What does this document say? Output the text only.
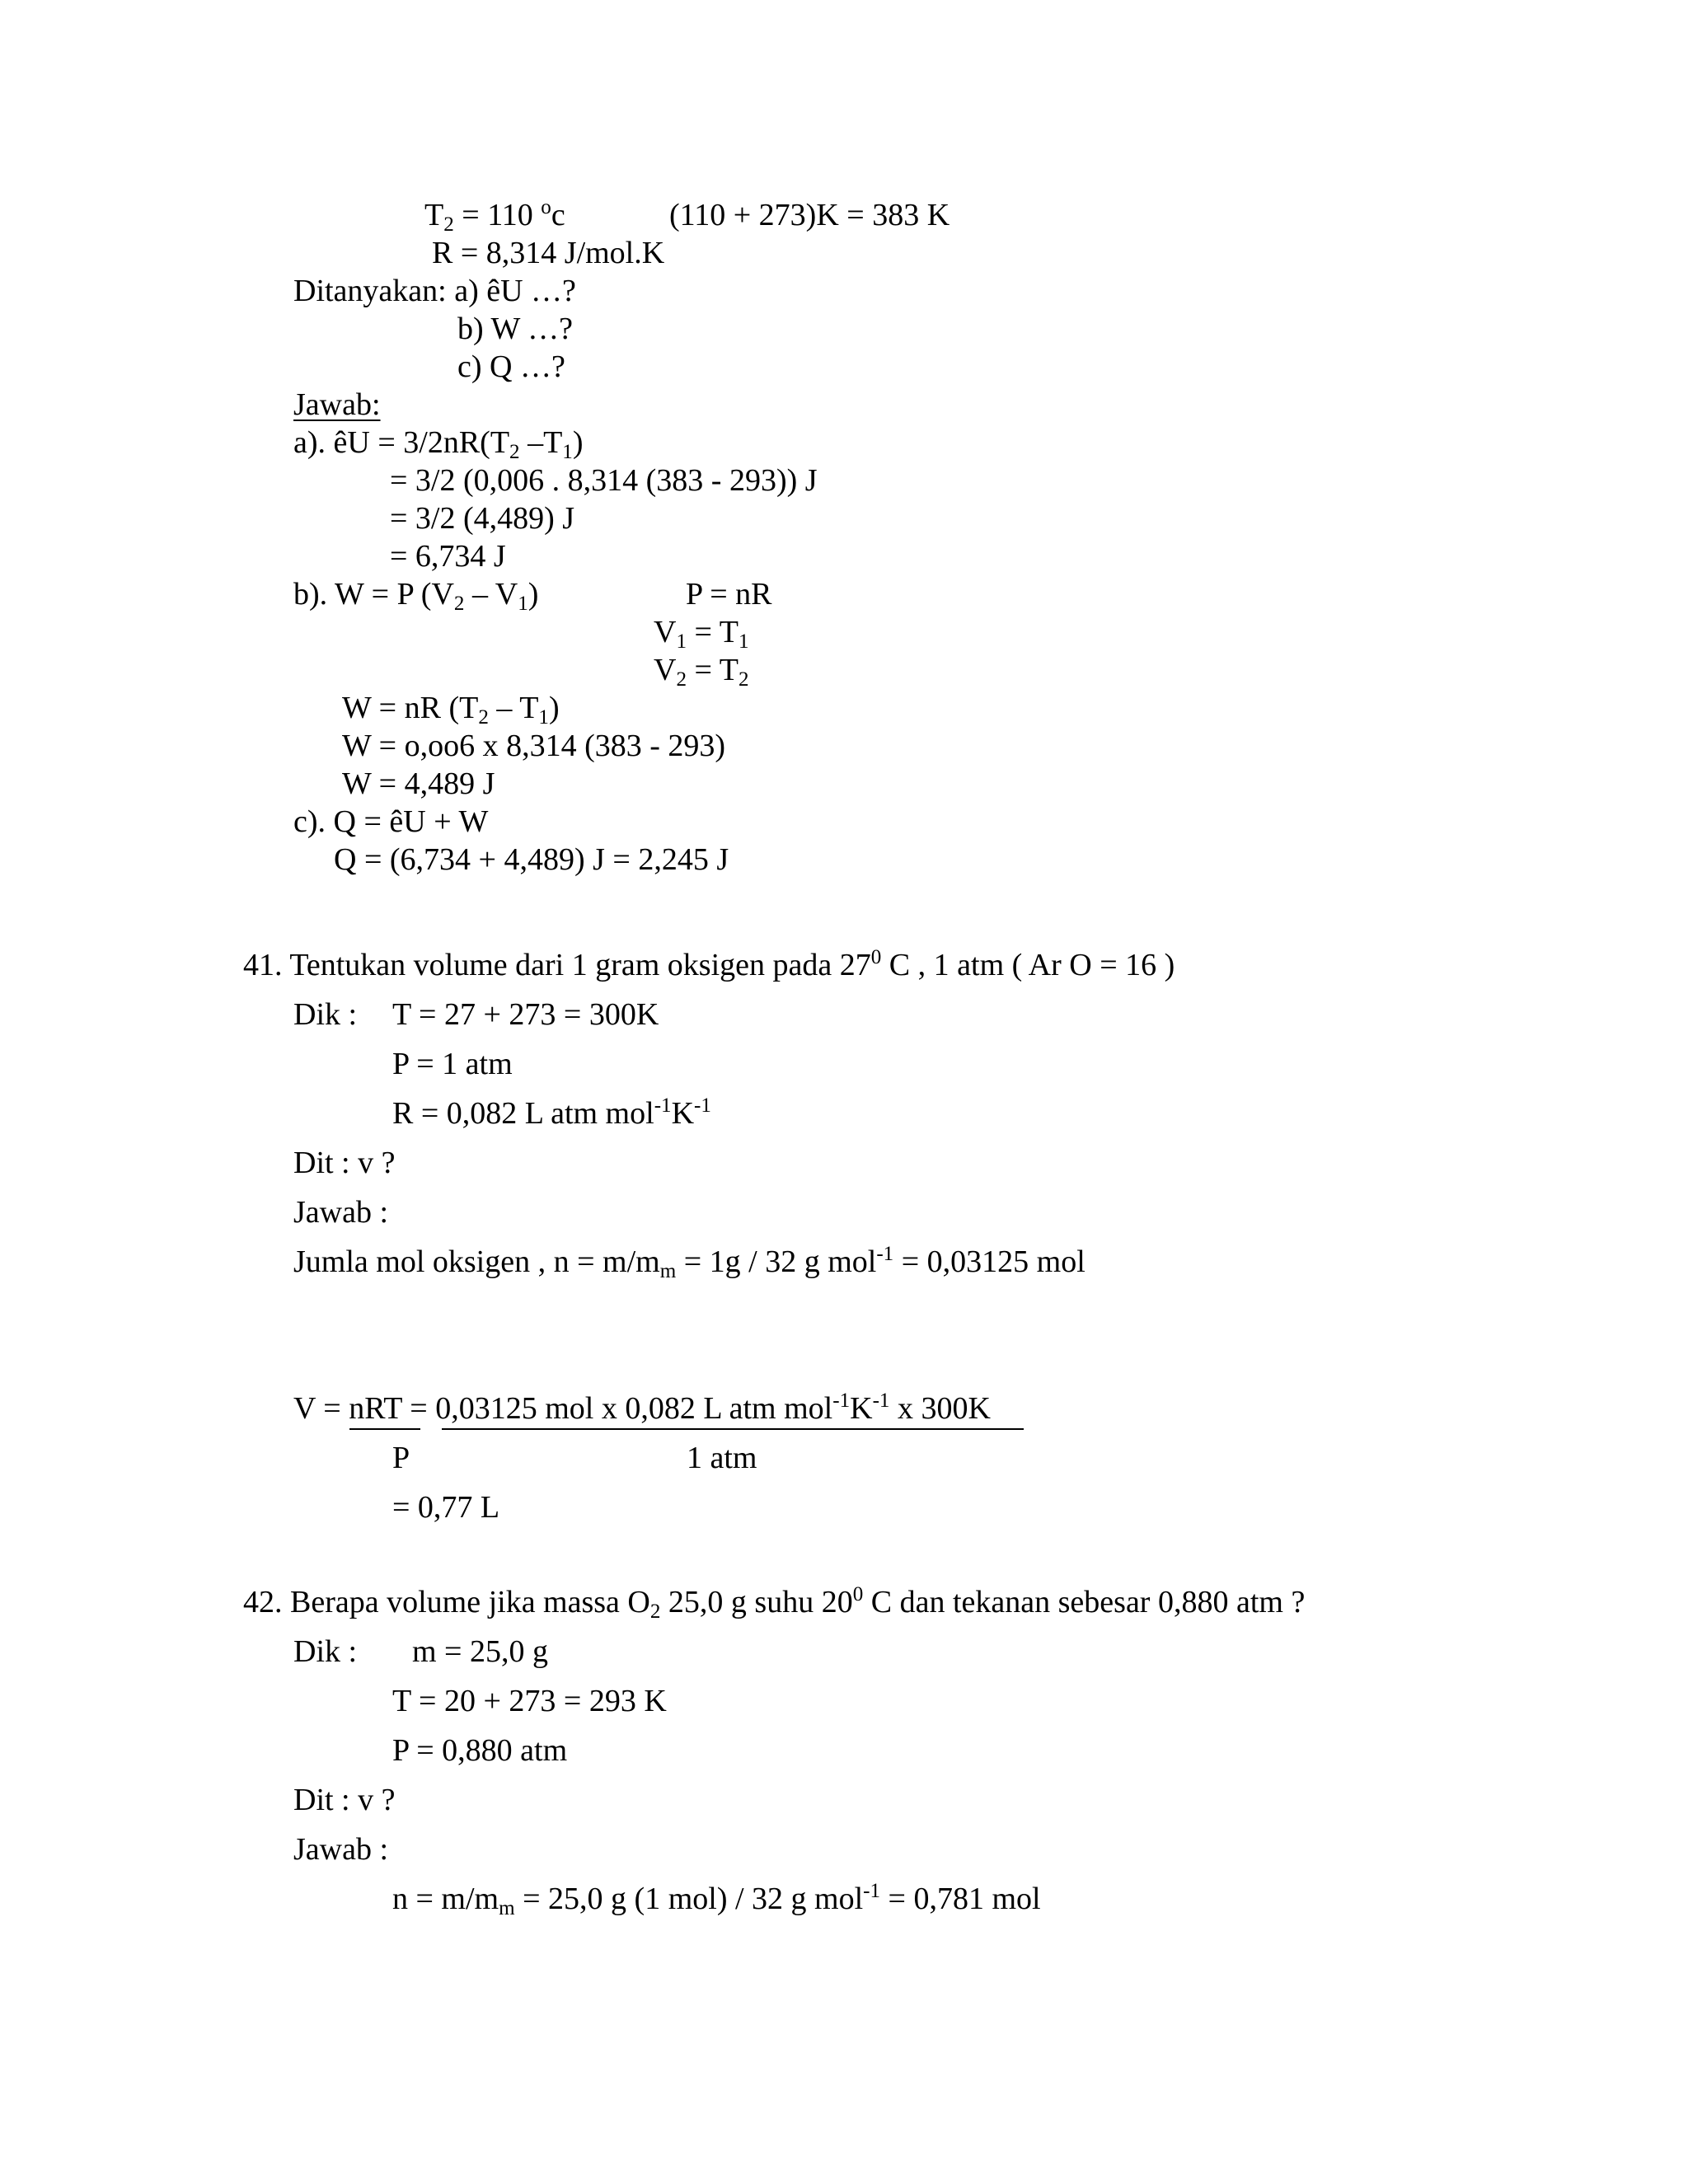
$T_2 = 110$ $^o$c	(110 + 273)K = 383 K
R = 8,314 J/mol.K
Ditanyakan: a) êU …?
b) W …?
c) Q …?
Jawab:
a). êU = $3/2nR(T_2$ $-T_1$)
= 3/2 (0,006 . 8,314 (383 - 293)) J
= 3/2 (4,489) J
= 6,734 J
b). W = P $(V_2 - V_1)$	P = nR
$V_1 = T_1$
$V_2 = T_2$
W = nR $(T_2 - T_1)$
W = o,oo6 x 8,314 (383 - 293)
W = 4,489 J
c). Q = êU + W
Q = (6,734 + 4,489) J = 2,245 J
41. Tentukan volume dari 1 gram oksigen pada $27^0$ C , 1 atm ( Ar O = 16 )
Dik : T = 27 + 273 = 300K
P = 1 atm
R = 0,082 L atm $mol^{-1}K^{-1}$
Dit : v ?
Jawab :
Jumla mol oksigen , $n = m/m_m = 1g / 32$ g mol$^{-1}$ = 0,03125 mol
V = nRT = 0,03125 mol x 0,082 L atm $mol^{-1}K^{-1}$ x 300K
P	1 atm
= 0,77 L
42. Berapa volume jika massa $O_2$ 25,0 g suhu $20^0$ C dan tekanan sebesar 0,880 atm ?
Dik : m = 25,0 g
T = 20 + 273 = 293 K
P = 0,880 atm
Dit : v ?
Jawab :
$n = m/m_m = 25,0$ g (1 mol) / 32 g mol$^{-1}$ = 0,781 mol
